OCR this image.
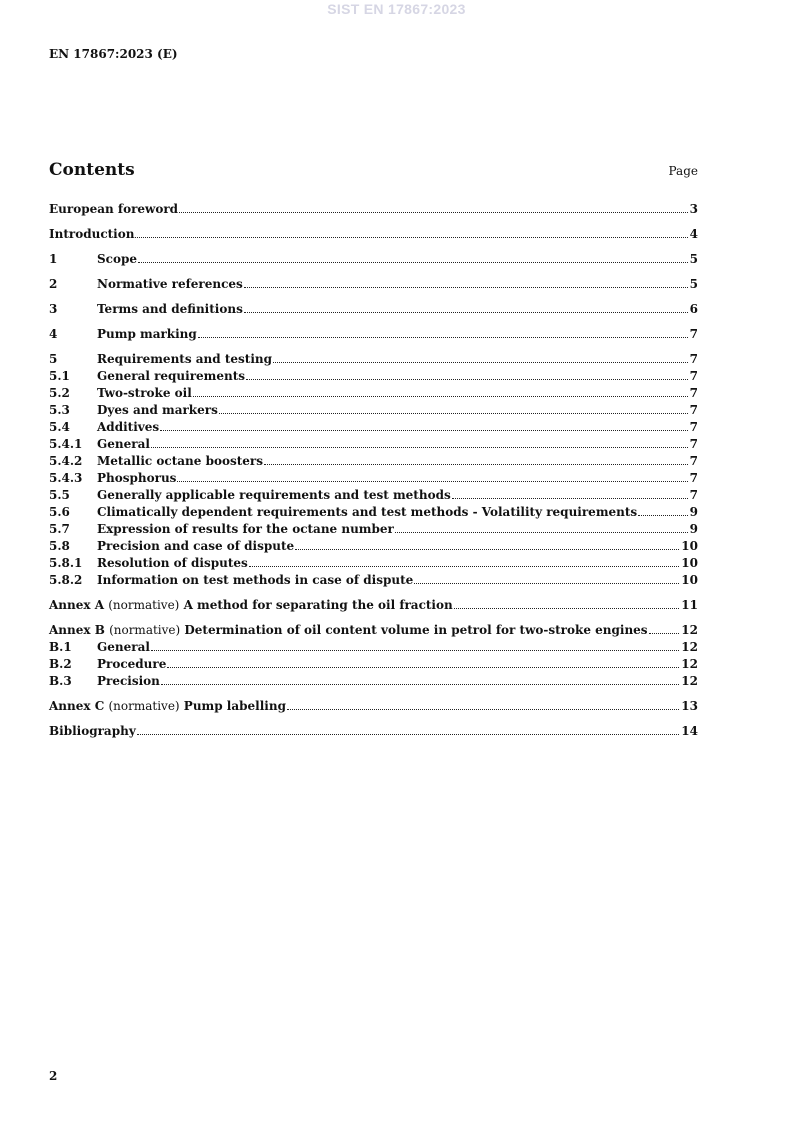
SIST EN 17867:2023
EN 17867:2023 (E)
Contents	Page
European foreword	3
Introduction	4
1	Scope	5
2	Normative references	5
3	Terms and definitions	6
4	Pump marking	7
5	Requirements and testing	7
5.1	General requirements	7
5.2	Two-stroke oil	7
5.3	Dyes and markers	7
5.4	Additives	7
5.4.1	General	7
5.4.2	Metallic octane boosters	7
5.4.3	Phosphorus	7
5.5	Generally applicable requirements and test methods	7
5.6	Climatically dependent requirements and test methods - Volatility requirements	9
5.7	Expression of results for the octane number	9
5.8	Precision and case of dispute	10
5.8.1	Resolution of disputes	10
5.8.2	Information on test methods in case of dispute	10
Annex A (normative) A method for separating the oil fraction	11
Annex B (normative) Determination of oil content volume in petrol for two-stroke engines	12
B.1	General	12
B.2	Procedure	12
B.3	Precision	12
Annex C (normative) Pump labelling	13
Bibliography	14
2
